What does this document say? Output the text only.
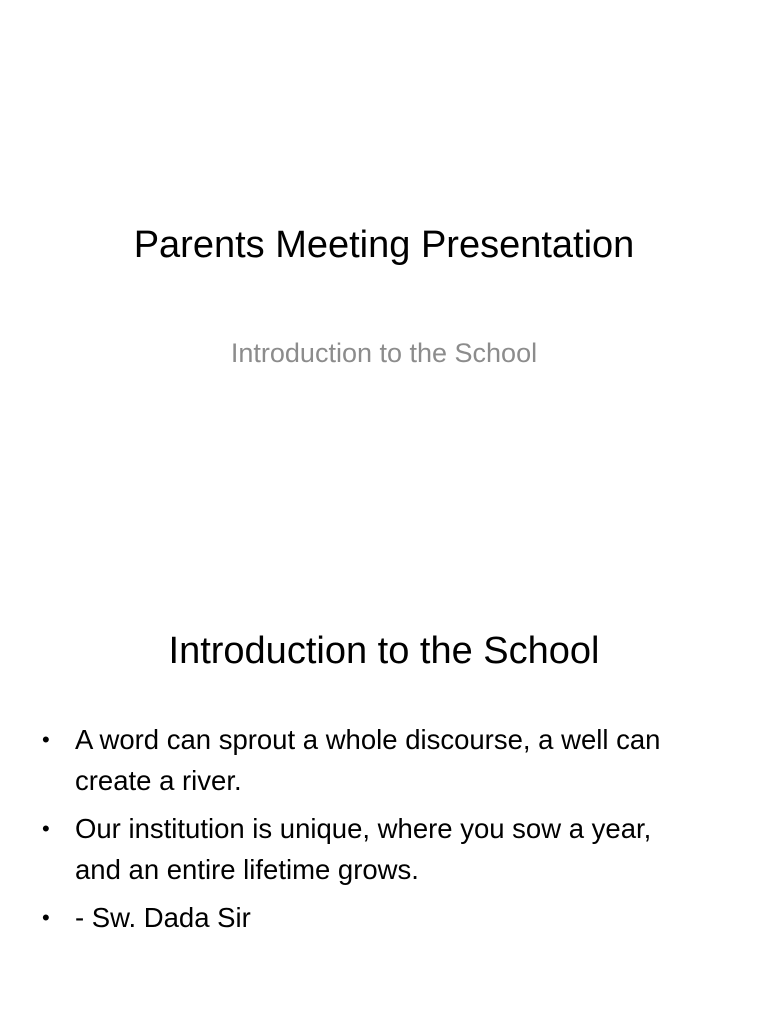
Parents Meeting Presentation

Introduction to the School

Introduction to the School
• A word can sprout a whole discourse, a well can create a river.
• Our institution is unique, where you sow a year, and an entire lifetime grows.
• - Sw. Dada Sir
